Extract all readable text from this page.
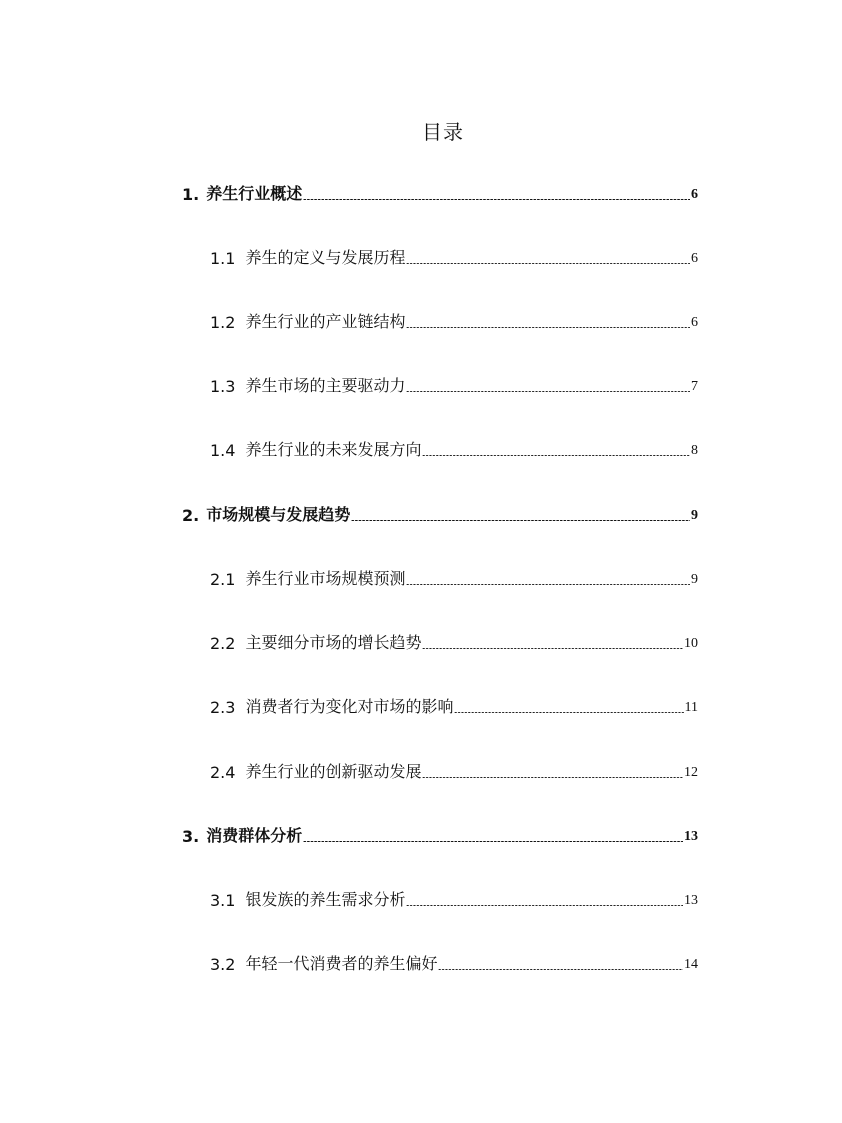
目录
1. 养生行业概述	6
1.1 养生的定义与发展历程	6
1.2 养生行业的产业链结构	6
1.3 养生市场的主要驱动力	7
1.4 养生行业的未来发展方向	8
2. 市场规模与发展趋势	9
2.1 养生行业市场规模预测	9
2.2 主要细分市场的增长趋势	10
2.3 消费者行为变化对市场的影响	11
2.4 养生行业的创新驱动发展	12
3. 消费群体分析	13
3.1 银发族的养生需求分析	13
3.2 年轻一代消费者的养生偏好	14
